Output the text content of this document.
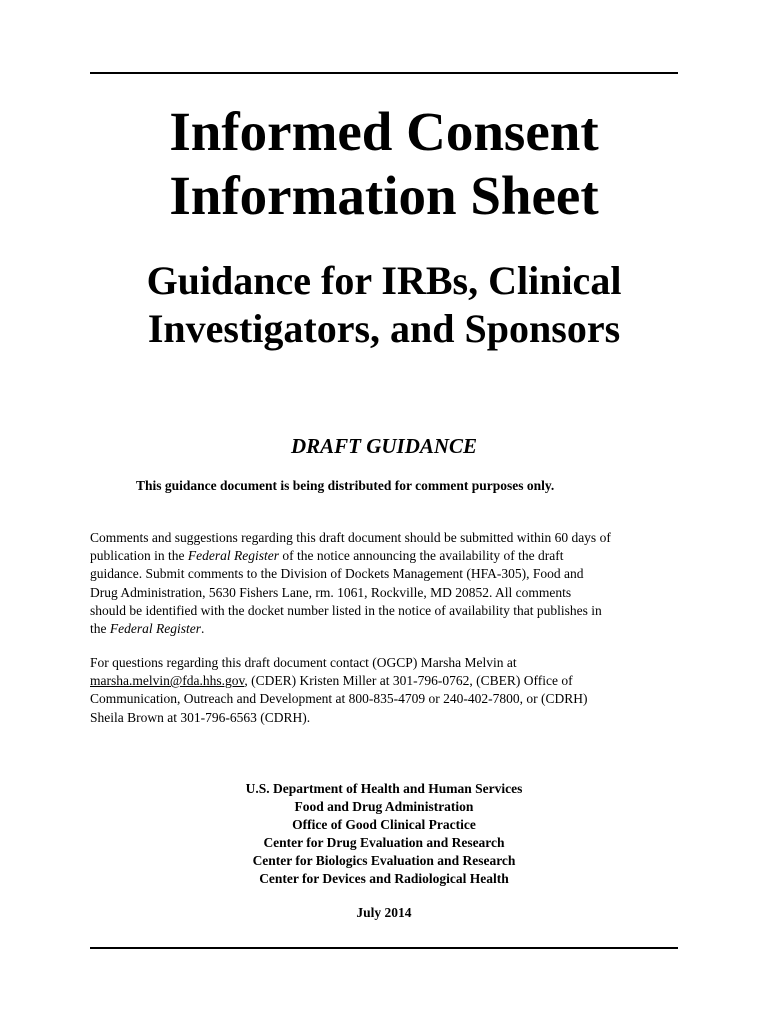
Informed Consent
Information Sheet
Guidance for IRBs, Clinical
Investigators, and Sponsors
DRAFT GUIDANCE
This guidance document is being distributed for comment purposes only.
Comments and suggestions regarding this draft document should be submitted within 60 days of
publication in the Federal Register of the notice announcing the availability of the draft
guidance. Submit comments to the Division of Dockets Management (HFA-305), Food and
Drug Administration, 5630 Fishers Lane, rm. 1061, Rockville, MD 20852. All comments
should be identified with the docket number listed in the notice of availability that publishes in
the Federal Register.
For questions regarding this draft document contact (OGCP) Marsha Melvin at
marsha.melvin@fda.hhs.gov, (CDER) Kristen Miller at 301-796-0762, (CBER) Office of
Communication, Outreach and Development at 800-835-4709 or 240-402-7800, or (CDRH)
Sheila Brown at 301-796-6563 (CDRH).
U.S. Department of Health and Human Services
Food and Drug Administration
Office of Good Clinical Practice
Center for Drug Evaluation and Research
Center for Biologics Evaluation and Research
Center for Devices and Radiological Health
July 2014
